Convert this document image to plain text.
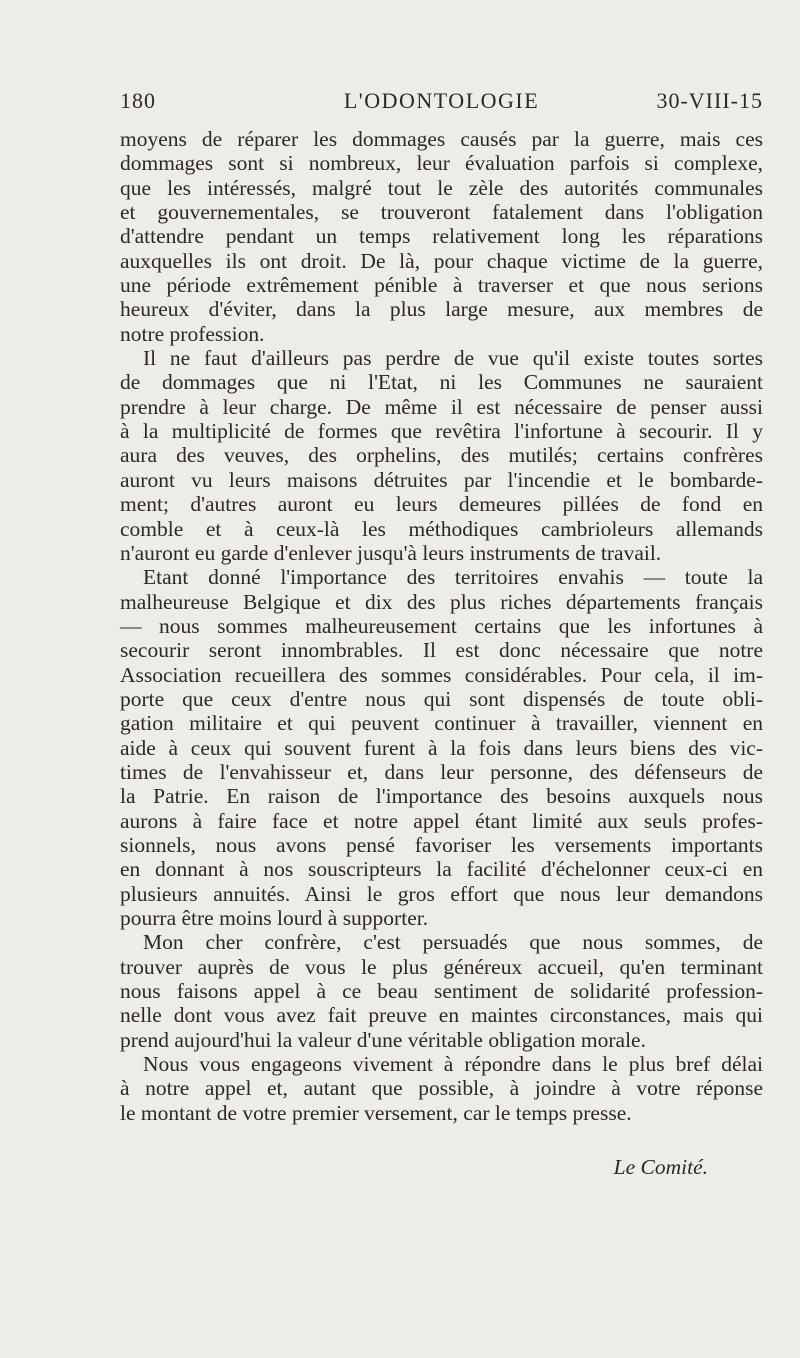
L'ODONTOLOGIE
180	30-VIII-15
moyens de réparer les dommages causés par la guerre, mais ces
dommages sont si nombreux, leur évaluation parfois si complexe,
que les intéressés, malgré tout le zèle des autorités communales
et gouvernementales, se trouveront fatalement dans l'obligation
d'attendre pendant un temps relativement long les réparations
auxquelles ils ont droit. De là, pour chaque victime de la guerre,
une période extrêmement pénible à traverser et que nous serions
heureux d'éviter, dans la plus large mesure, aux membres de
notre profession.
Il ne faut d'ailleurs pas perdre de vue qu'il existe toutes sortes
de dommages que ni l'Etat, ni les Communes ne sauraient
prendre à leur charge. De même il est nécessaire de penser aussi
à la multiplicité de formes que revêtira l'infortune à secourir. Il y
aura des veuves, des orphelins, des mutilés; certains confrères
auront vu leurs maisons détruites par l'incendie et le bombarde-
ment; d'autres auront eu leurs demeures pillées de fond en
comble et à ceux-là les méthodiques cambrioleurs allemands
n'auront eu garde d'enlever jusqu'à leurs instruments de travail.
Etant donné l'importance des territoires envahis — toute la
malheureuse Belgique et dix des plus riches départements français
— nous sommes malheureusement certains que les infortunes à
secourir seront innombrables. Il est donc nécessaire que notre
Association recueillera des sommes considérables. Pour cela, il im-
porte que ceux d'entre nous qui sont dispensés de toute obli-
gation militaire et qui peuvent continuer à travailler, viennent en
aide à ceux qui souvent furent à la fois dans leurs biens des vic-
times de l'envahisseur et, dans leur personne, des défenseurs de
la Patrie. En raison de l'importance des besoins auxquels nous
aurons à faire face et notre appel étant limité aux seuls profes-
sionnels, nous avons pensé favoriser les versements importants
en donnant à nos souscripteurs la facilité d'échelonner ceux-ci en
plusieurs annuités. Ainsi le gros effort que nous leur demandons
pourra être moins lourd à supporter.
Mon cher confrère, c'est persuadés que nous sommes, de
trouver auprès de vous le plus généreux accueil, qu'en terminant
nous faisons appel à ce beau sentiment de solidarité profession-
nelle dont vous avez fait preuve en maintes circonstances, mais qui
prend aujourd'hui la valeur d'une véritable obligation morale.
Nous vous engageons vivement à répondre dans le plus bref délai
à notre appel et, autant que possible, à joindre à votre réponse
le montant de votre premier versement, car le temps presse.
Le Comité.
